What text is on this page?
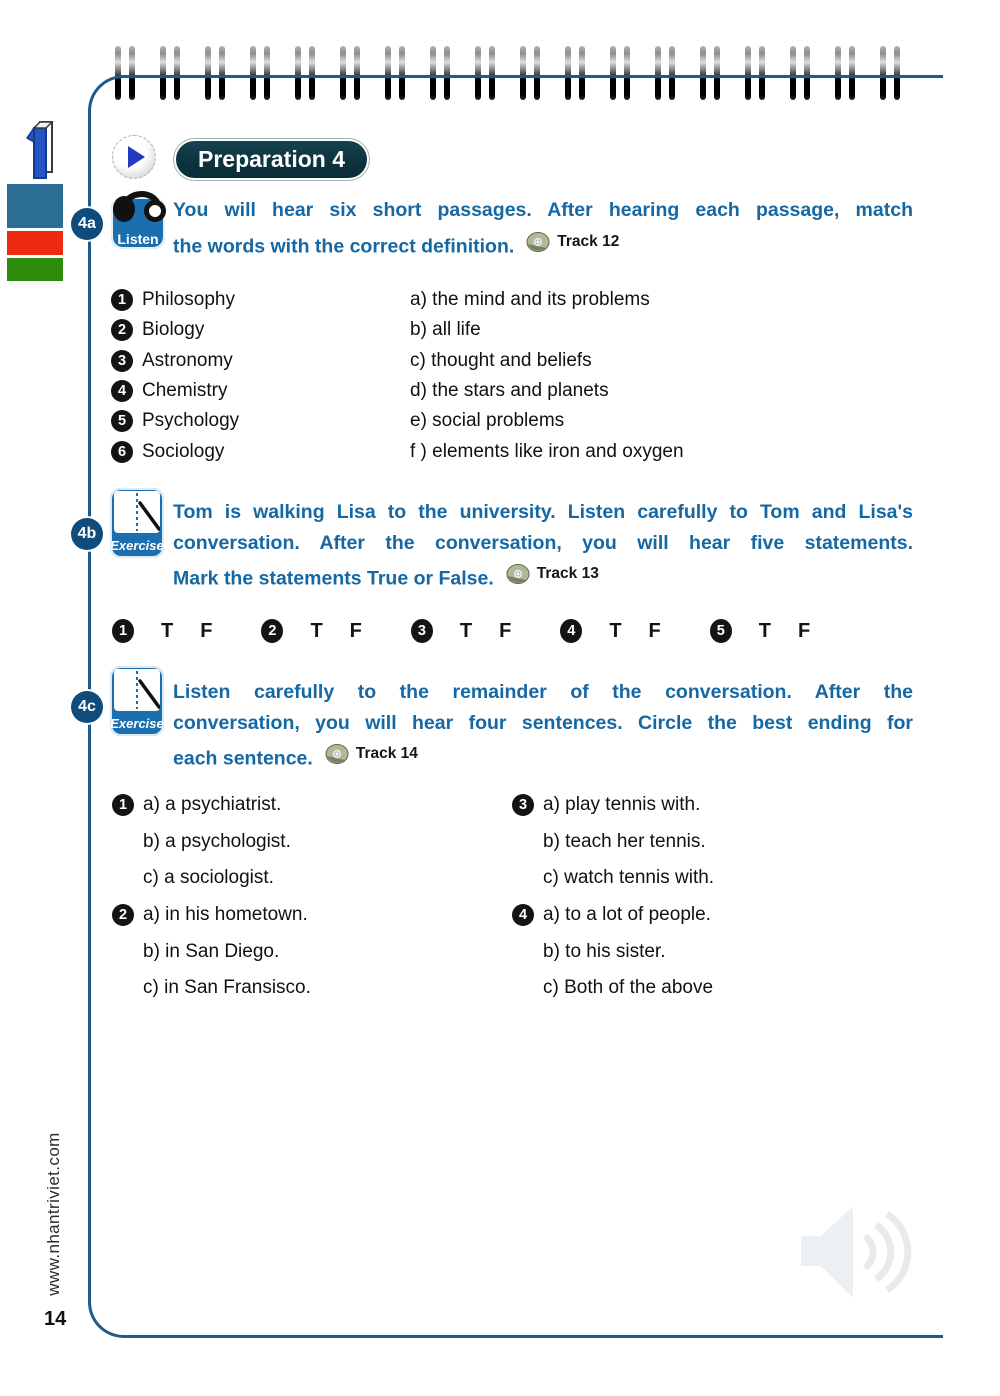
Preparation 4
4a
Listen
You will hear six short passages. After hearing each passage, match
the words with the correct definition.	Track 12
1 Philosophy	a) the mind and its problems
2 Biology	b) all life
3 Astronomy	c) thought and beliefs
4 Chemistry	d) the stars and planets
5 Psychology	e) social problems
6 Sociology	f ) elements like iron and oxygen
4b
Exercise
Tom is walking Lisa to the university. Listen carefully to Tom and Lisa's
conversation. After the conversation, you will hear five statements.
Mark the statements True or False.	Track 13
1	T F	2	T F	3	T F	4	T F	5	T F
4c
Exercise
Listen carefully to the remainder of the conversation. After the
conversation, you will hear four sentences. Circle the best ending for
each sentence.	Track 14
1 a) a psychiatrist.
b) a psychologist.
c) a sociologist.
2 a) in his hometown.
b) in San Diego.
c) in San Fransisco.
3 a) play tennis with.
b) teach her tennis.
c) watch tennis with.
4 a) to a lot of people.
b) to his sister.
c) Both of the above
www.nhantriviet.com
14
